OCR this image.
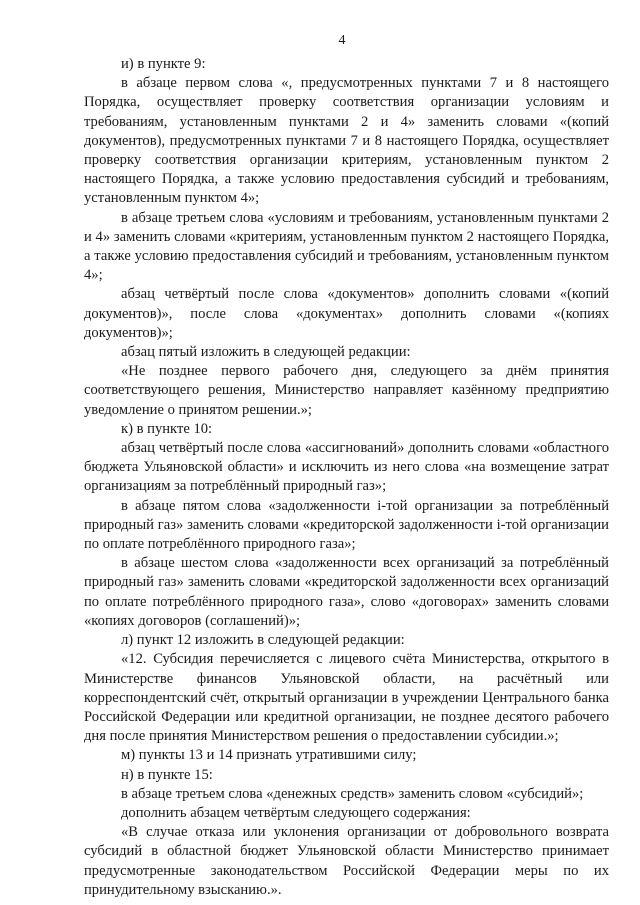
4

и) в пункте 9:

в абзаце первом слова «, предусмотренных пунктами 7 и 8 настоящего Порядка, осуществляет проверку соответствия организации условиям и требованиям, установленным пунктами 2 и 4» заменить словами «(копий документов), предусмотренных пунктами 7 и 8 настоящего Порядка, осуществляет проверку соответствия организации критериям, установленным пунктом 2 настоящего Порядка, а также условию предоставления субсидий и требованиям, установленным пунктом 4»;

в абзаце третьем слова «условиям и требованиям, установленным пунктами 2 и 4» заменить словами «критериям, установленным пунктом 2 настоящего Порядка, а также условию предоставления субсидий и требованиям, установленным пунктом 4»;

абзац четвёртый после слова «документов» дополнить словами «(копий документов)», после слова «документах» дополнить словами «(копиях документов)»;

абзац пятый изложить в следующей редакции:

«Не позднее первого рабочего дня, следующего за днём принятия соответствующего решения, Министерство направляет казённому предприятию уведомление о принятом решении.»;

к) в пункте 10:

абзац четвёртый после слова «ассигнований» дополнить словами «областного бюджета Ульяновской области» и исключить из него слова «на возмещение затрат организациям за потреблённый природный газ»;

в абзаце пятом слова «задолженности i-той организации за потреблённый природный газ» заменить словами «кредиторской задолженности i-той организации по оплате потреблённого природного газа»;

в абзаце шестом слова «задолженности всех организаций за потреблённый природный газ» заменить словами «кредиторской задолженности всех организаций по оплате потреблённого природного газа», слово «договорах» заменить словами «копиях договоров (соглашений)»;

л) пункт 12 изложить в следующей редакции:

«12. Субсидия перечисляется с лицевого счёта Министерства, открытого в Министерстве финансов Ульяновской области, на расчётный или корреспондентский счёт, открытый организации в учреждении Центрального банка Российской Федерации или кредитной организации, не позднее десятого рабочего дня после принятия Министерством решения о предоставлении субсидии.»;

м) пункты 13 и 14 признать утратившими силу;

н) в пункте 15:

в абзаце третьем слова «денежных средств» заменить словом «субсидий»;

дополнить абзацем четвёртым следующего содержания:

«В случае отказа или уклонения организации от добровольного возврата субсидий в областной бюджет Ульяновской области Министерство принимает предусмотренные законодательством Российской Федерации меры по их принудительному взысканию.».
